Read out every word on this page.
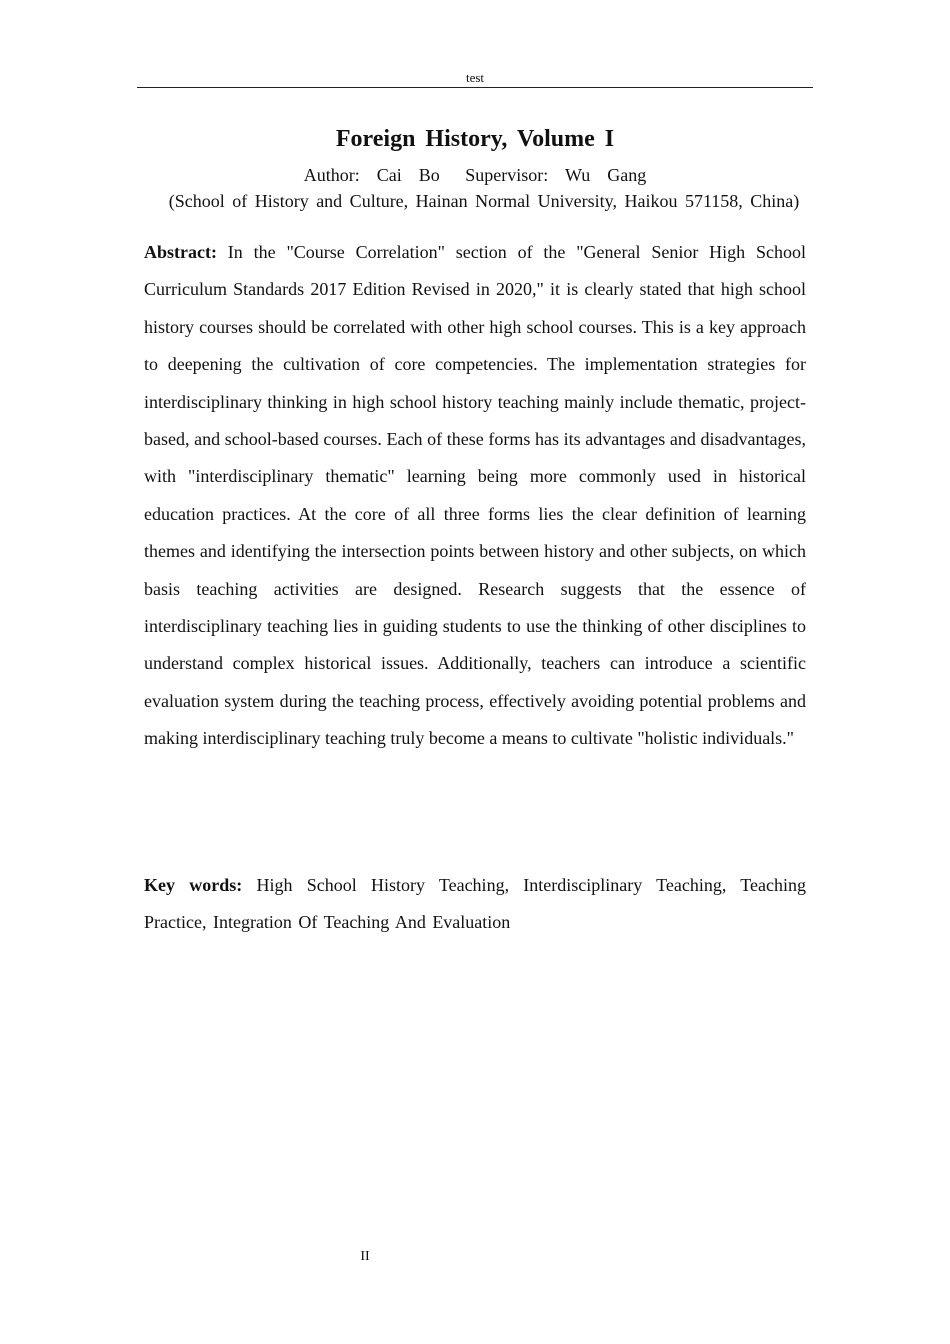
test
Foreign History, Volume I
Author:  Cai  Bo   Supervisor:  Wu  Gang
(School of History and Culture, Hainan Normal University, Haikou 571158, China)

Abstract: In the "Course Correlation" section of the "General Senior High School Curriculum Standards 2017 Edition Revised in 2020," it is clearly stated that high school history courses should be correlated with other high school courses. This is a key approach to deepening the cultivation of core competencies. The implementation strategies for interdisciplinary thinking in high school history teaching mainly include thematic, project-based, and school-based courses. Each of these forms has its advantages and disadvantages, with "interdisciplinary thematic" learning being more commonly used in historical education practices. At the core of all three forms lies the clear definition of learning themes and identifying the intersection points between history and other subjects, on which basis teaching activities are designed. Research suggests that the essence of interdisciplinary teaching lies in guiding students to use the thinking of other disciplines to understand complex historical issues. Additionally, teachers can introduce a scientific evaluation system during the teaching process, effectively avoiding potential problems and making interdisciplinary teaching truly become a means to cultivate "holistic individuals."

Key words: High School History Teaching, Interdisciplinary Teaching, Teaching Practice, Integration Of Teaching And Evaluation

II
